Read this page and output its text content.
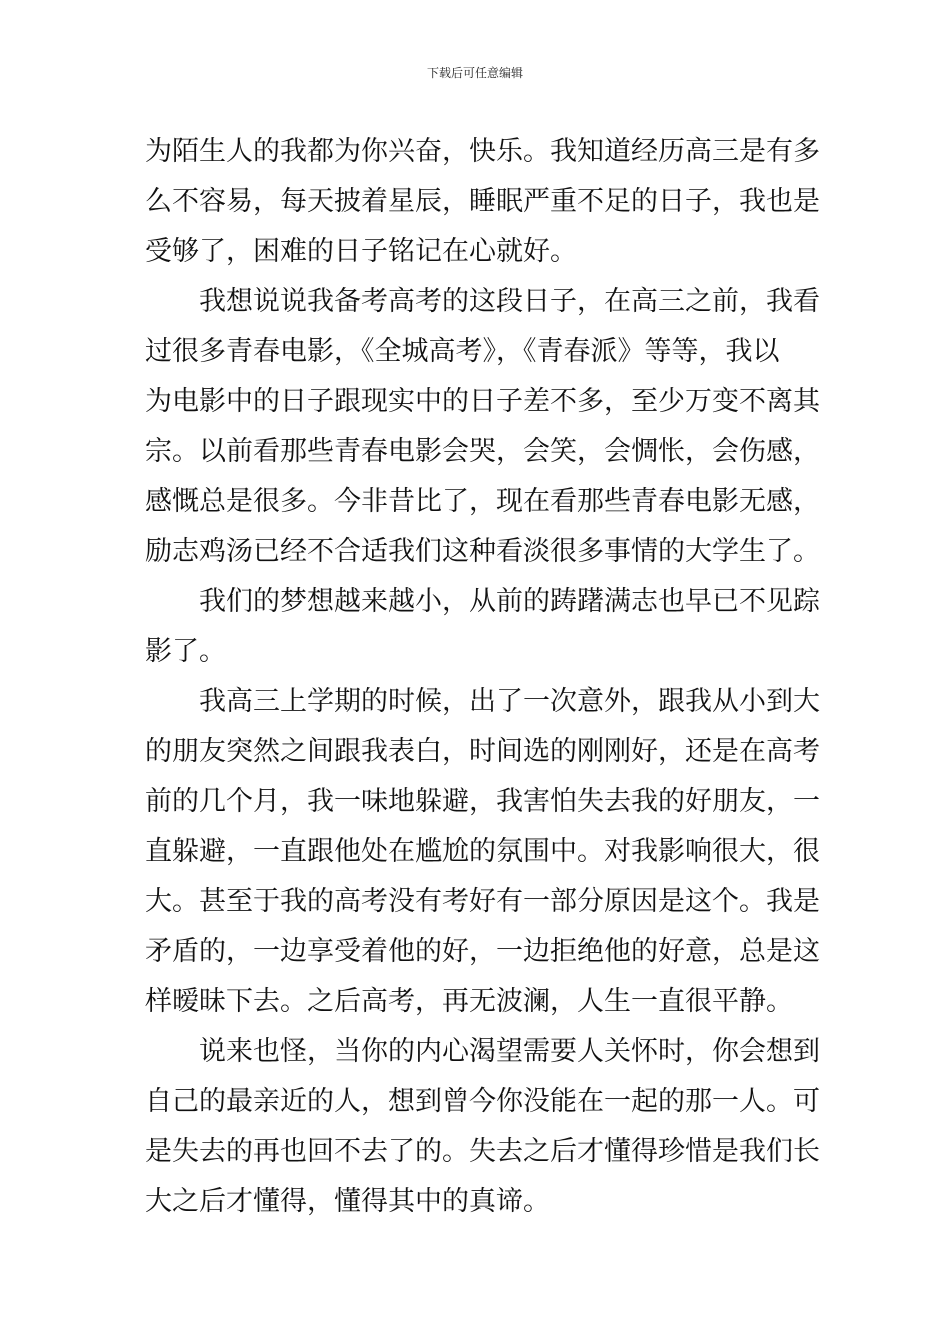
下载后可任意编辑
为陌生人的我都为你兴奋，快乐。我知道经历高三是有多
么不容易，每天披着星辰，睡眠严重不足的日子，我也是
受够了，困难的日子铭记在心就好。
我想说说我备考高考的这段日子，在高三之前，我看
过很多青春电影，《全城高考》，《青春派》等等，我以
为电影中的日子跟现实中的日子差不多，至少万变不离其
宗。以前看那些青春电影会哭，会笑，会惆怅，会伤感，
感慨总是很多。今非昔比了，现在看那些青春电影无感，
励志鸡汤已经不合适我们这种看淡很多事情的大学生了。
我们的梦想越来越小，从前的踌躇满志也早已不见踪
影了。
我高三上学期的时候，出了一次意外，跟我从小到大
的朋友突然之间跟我表白，时间选的刚刚好，还是在高考
前的几个月，我一味地躲避，我害怕失去我的好朋友，一
直躲避，一直跟他处在尴尬的氛围中。对我影响很大，很
大。甚至于我的高考没有考好有一部分原因是这个。我是
矛盾的，一边享受着他的好，一边拒绝他的好意，总是这
样暧昧下去。之后高考，再无波澜，人生一直很平静。
说来也怪，当你的内心渴望需要人关怀时，你会想到
自己的最亲近的人，想到曾今你没能在一起的那一人。可
是失去的再也回不去了的。失去之后才懂得珍惜是我们长
大之后才懂得，懂得其中的真谛。
